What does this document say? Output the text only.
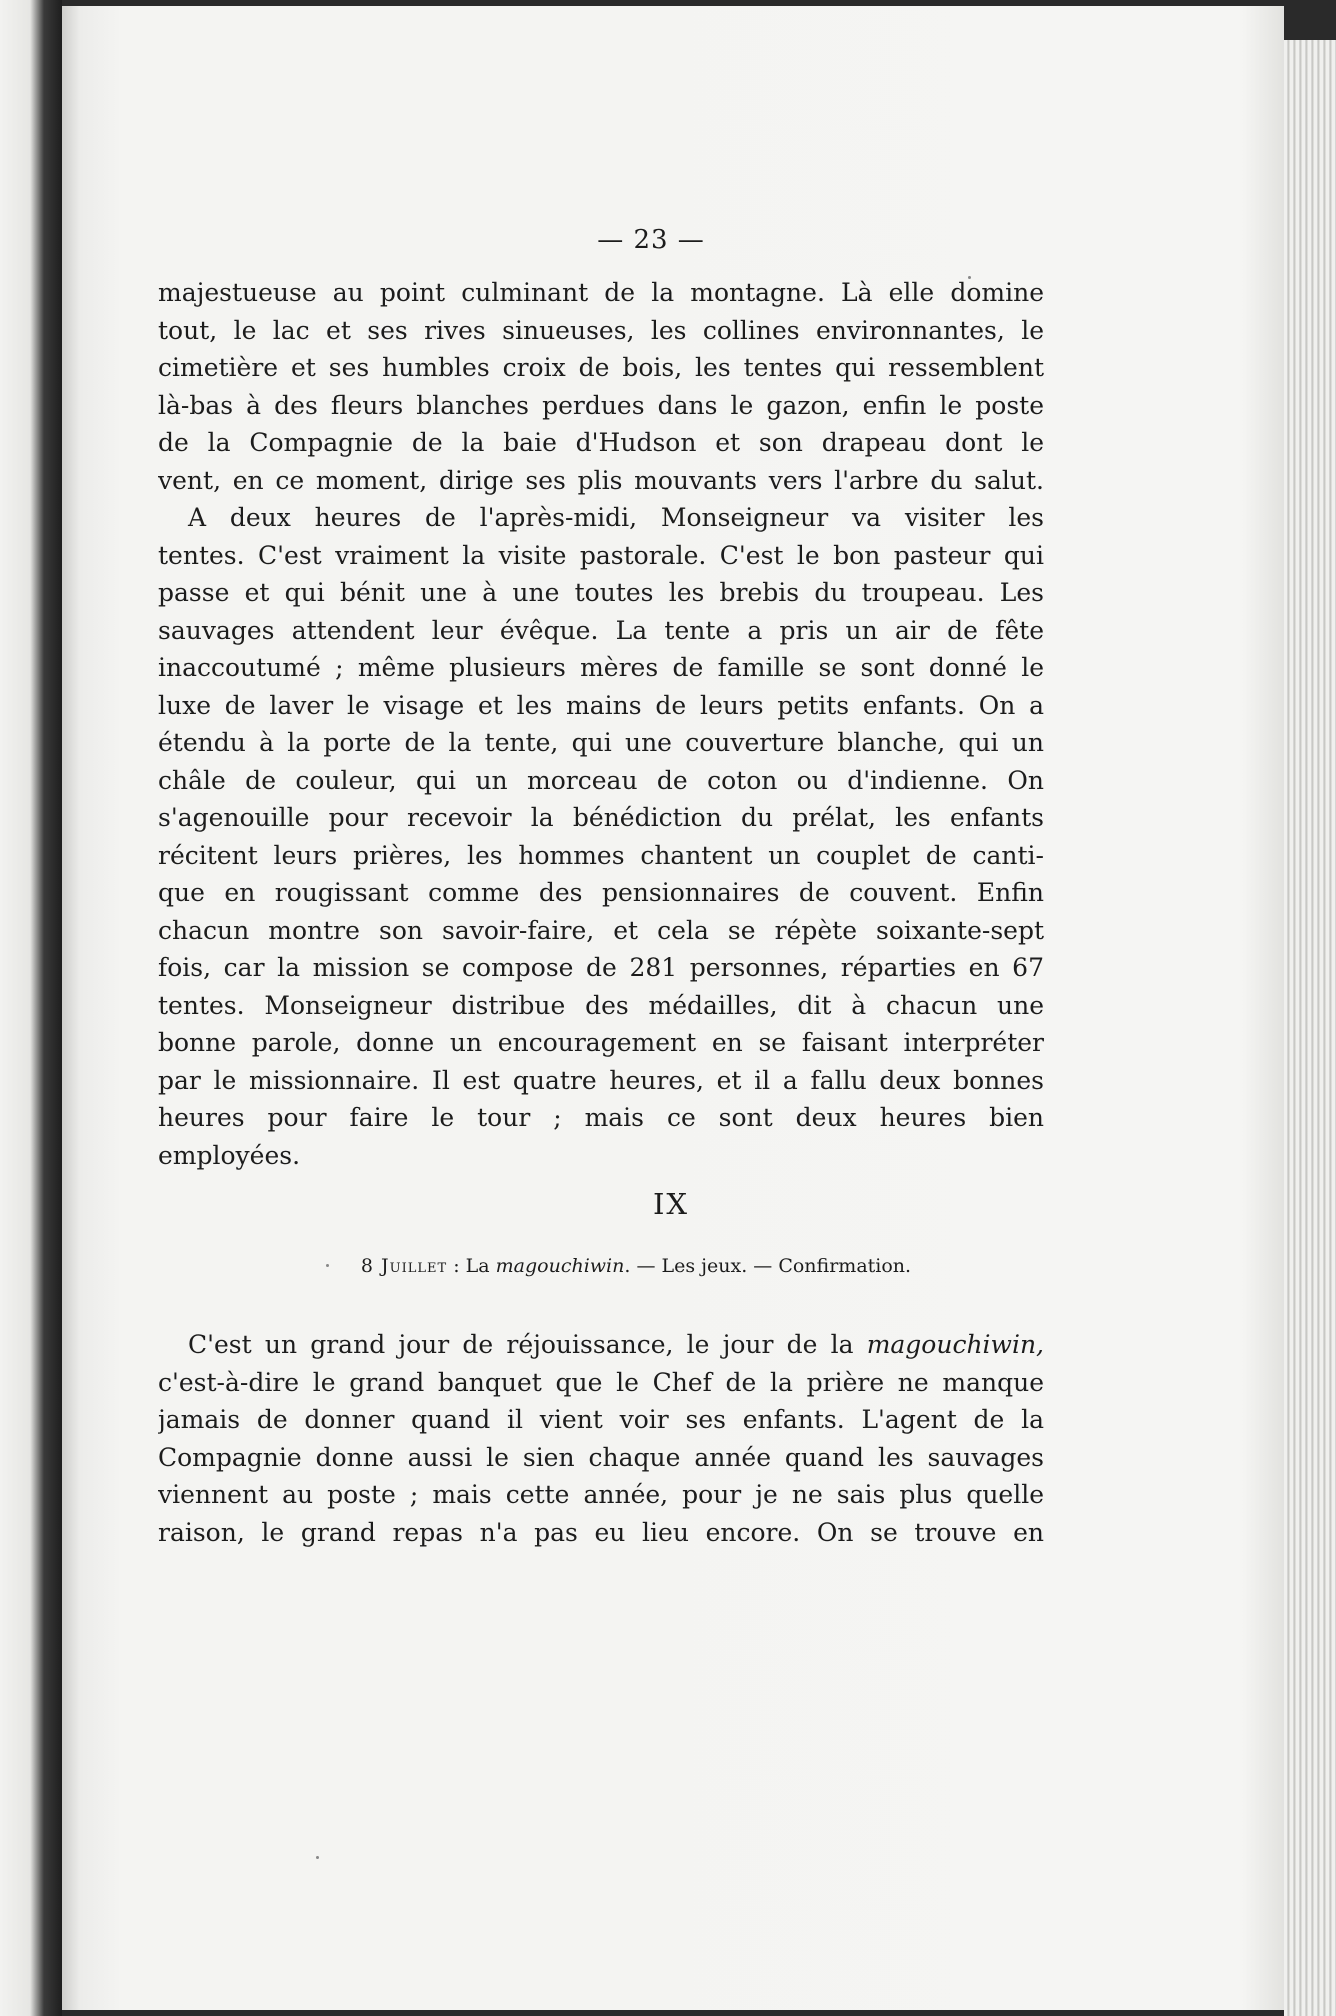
— 23 —
majestueuse au point culminant de la montagne. Là elle domine
tout, le lac et ses rives sinueuses, les collines environnantes, le
cimetière et ses humbles croix de bois, les tentes qui ressemblent
là-bas à des fleurs blanches perdues dans le gazon, enfin le poste
de la Compagnie de la baie d'Hudson et son drapeau dont le
vent, en ce moment, dirige ses plis mouvants vers l'arbre du salut.
A deux heures de l'après-midi, Monseigneur va visiter les
tentes. C'est vraiment la visite pastorale. C'est le bon pasteur qui
passe et qui bénit une à une toutes les brebis du troupeau. Les
sauvages attendent leur évêque. La tente a pris un air de fête
inaccoutumé ; même plusieurs mères de famille se sont donné le
luxe de laver le visage et les mains de leurs petits enfants. On a
étendu à la porte de la tente, qui une couverture blanche, qui un
châle de couleur, qui un morceau de coton ou d'indienne. On
s'agenouille pour recevoir la bénédiction du prélat, les enfants
récitent leurs prières, les hommes chantent un couplet de canti-
que en rougissant comme des pensionnaires de couvent. Enfin
chacun montre son savoir-faire, et cela se répète soixante-sept
fois, car la mission se compose de 281 personnes, réparties en 67
tentes. Monseigneur distribue des médailles, dit à chacun une
bonne parole, donne un encouragement en se faisant interpréter
par le missionnaire. Il est quatre heures, et il a fallu deux bonnes
heures pour faire le tour ; mais ce sont deux heures bien
employées.
IX
8 Juillet : La magouchiwin. — Les jeux. — Confirmation.
C'est un grand jour de réjouissance, le jour de la magouchiwin,
c'est-à-dire le grand banquet que le Chef de la prière ne manque
jamais de donner quand il vient voir ses enfants. L'agent de la
Compagnie donne aussi le sien chaque année quand les sauvages
viennent au poste ; mais cette année, pour je ne sais plus quelle
raison, le grand repas n'a pas eu lieu encore. On se trouve en
